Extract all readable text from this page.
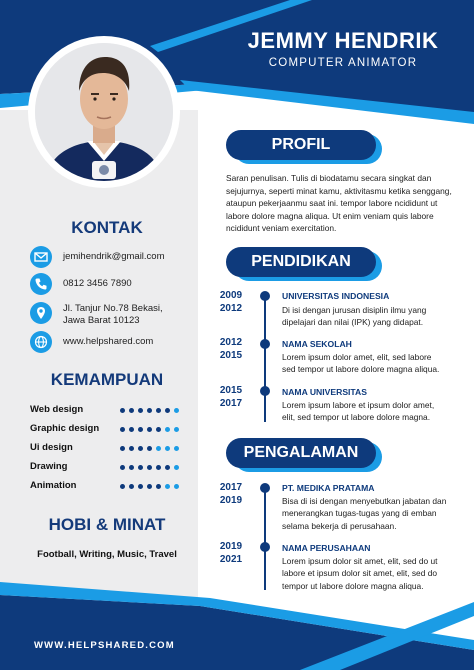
JEMMY HENDRIK
COMPUTER ANIMATOR
KONTAK
jemihendrik@gmail.com
0812 3456 7890
Jl. Tanjur No.78 Bekasi,
Jawa Barat 10123
www.helpshared.com
KEMAMPUAN
Web design
Graphic design
Ui design
Drawing
Animation
HOBI & MINAT
Football, Writing, Music, Travel
PROFIL
Saran penulisan. Tulis di biodatamu secara singkat dan
sejujurnya, seperti minat kamu, aktivitasmu ketika senggang,
ataupun pekerjaanmu saat ini. tempor labore ncididunt ut
labore dolore magna aliqua. Ut enim veniam quis labore
ncididunt veniam exercitation.
PENDIDIKAN
2009
2012
UNIVERSITAS INDONESIA
Di isi dengan jurusan disiplin ilmu yang
dipelajari dan nilai (IPK) yang didapat.
2012
2015
NAMA SEKOLAH
Lorem ipsum dolor amet, elit, sed labore
sed tempor ut labore dolore magna aliqua.
2015
2017
NAMA UNIVERSITAS
Lorem ipsum labore et ipsum dolor amet,
elit, sed tempor ut labore dolore magna.
PENGALAMAN
2017
2019
PT. MEDIKA PRATAMA
Bisa di isi dengan menyebutkan jabatan dan
menerangkan tugas-tugas yang di emban
selama bekerja di perusahaan.
2019
2021
NAMA PERUSAHAAN
Lorem ipsum dolor sit amet, elit, sed do ut
labore et ipsum dolor sit amet, elit, sed do
tempor ut labore dolore magna aliqua.
WWW.HELPSHARED.COM
